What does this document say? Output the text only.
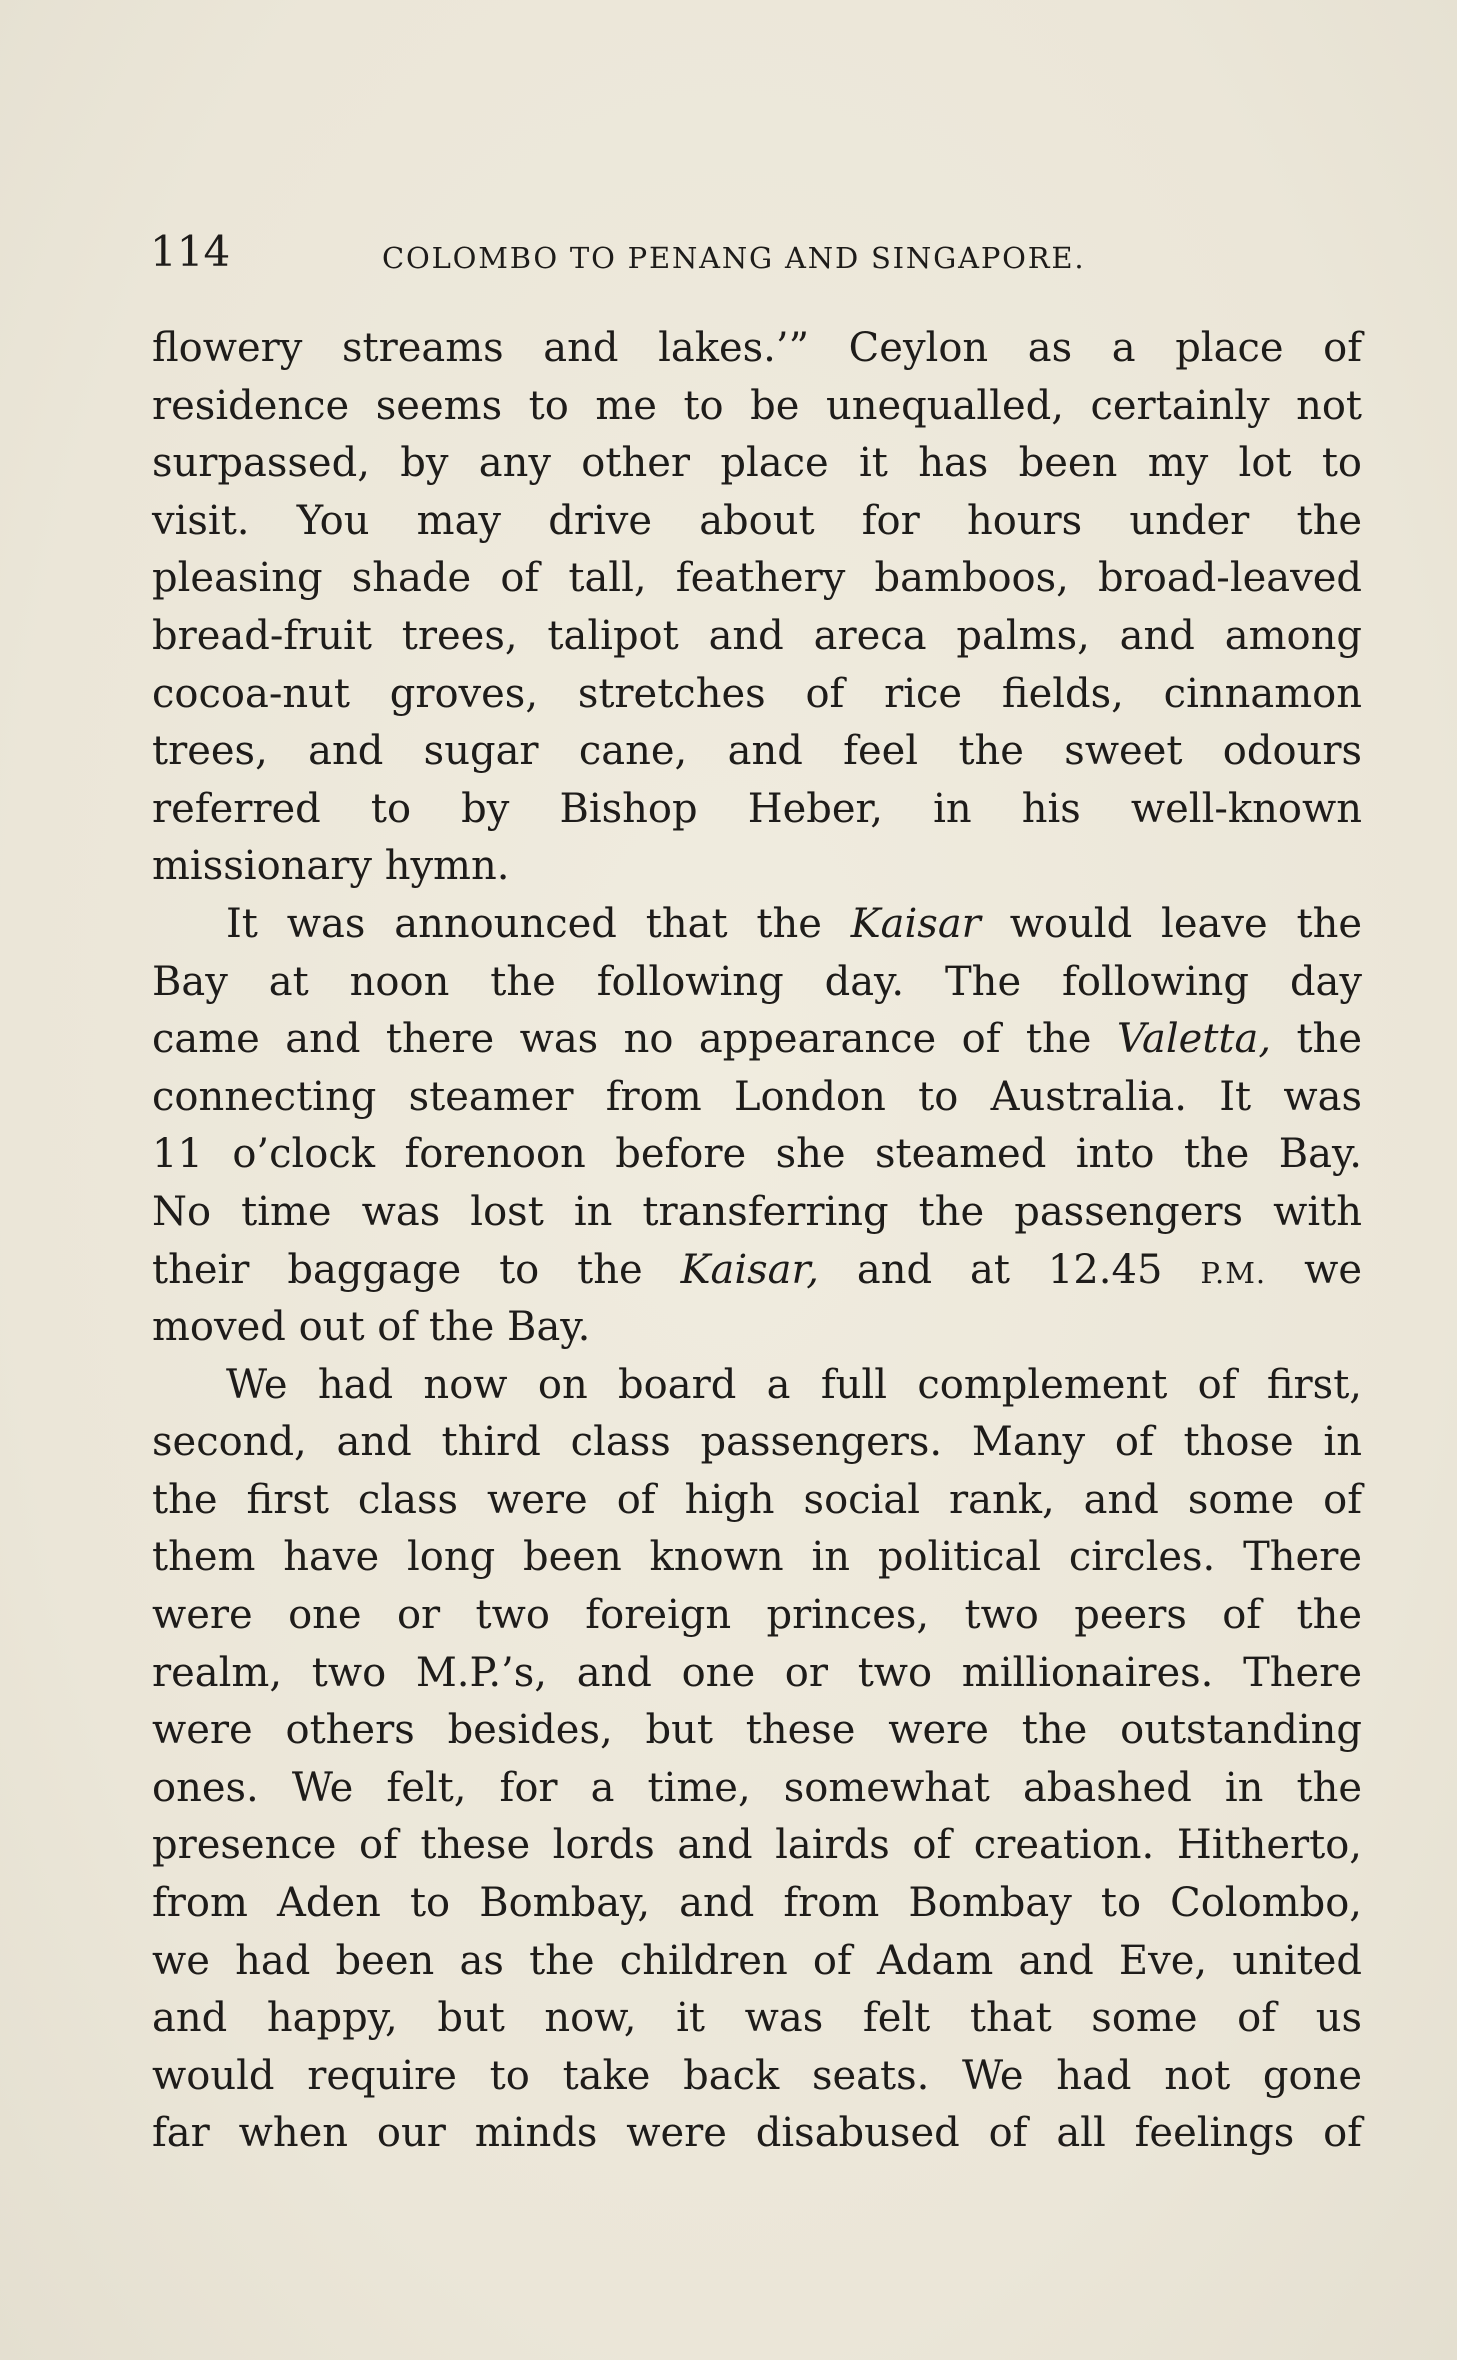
114	COLOMBO TO PENANG AND SINGAPORE.
flowery streams and lakes.’” Ceylon as a place of
residence seems to me to be unequalled, certainly not
surpassed, by any other place it has been my lot to
visit. You may drive about for hours under the
pleasing shade of tall, feathery bamboos, broad-leaved
bread-fruit trees, talipot and areca palms, and among
cocoa-nut groves, stretches of rice fields, cinnamon
trees, and sugar cane, and feel the sweet odours
referred to by Bishop Heber, in his well-known
missionary hymn.
It was announced that the Kaisar would leave the
Bay at noon the following day. The following day
came and there was no appearance of the Valetta, the
connecting steamer from London to Australia. It was
11 o’clock forenoon before she steamed into the Bay.
No time was lost in transferring the passengers with
their baggage to the Kaisar, and at 12.45 P.M. we
moved out of the Bay.
We had now on board a full complement of first,
second, and third class passengers. Many of those in
the first class were of high social rank, and some of
them have long been known in political circles. There
were one or two foreign princes, two peers of the
realm, two M.P.’s, and one or two millionaires. There
were others besides, but these were the outstanding
ones. We felt, for a time, somewhat abashed in the
presence of these lords and lairds of creation. Hitherto,
from Aden to Bombay, and from Bombay to Colombo,
we had been as the children of Adam and Eve, united
and happy, but now, it was felt that some of us
would require to take back seats. We had not gone
far when our minds were disabused of all feelings of
